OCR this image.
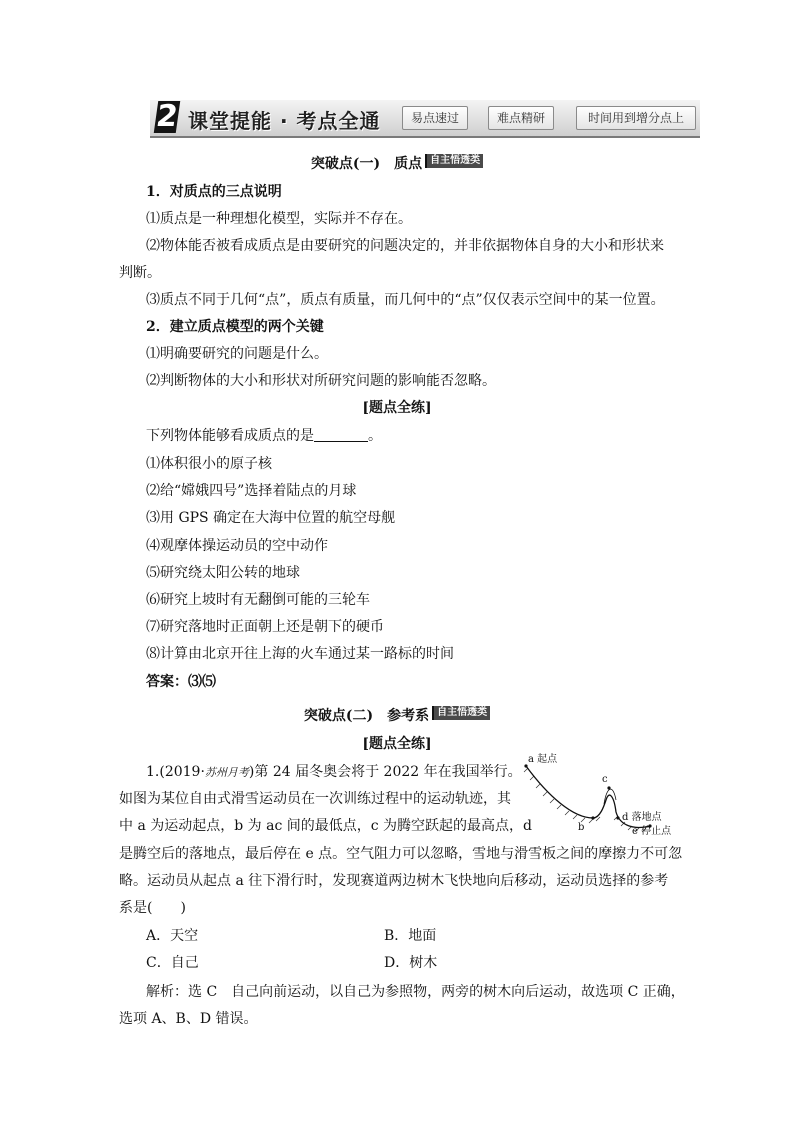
2 课堂提能 · 考点全通	易点速过	难点精研	时间用到增分点上
突破点(一)　质点 自主悟透类
1．对质点的三点说明
⑴质点是一种理想化模型，实际并不存在。
⑵物体能否被看成质点是由要研究的问题决定的，并非依据物体自身的大小和形状来
判断。
⑶质点不同于几何“点”，质点有质量，而几何中的“点”仅仅表示空间中的某一位置。
2．建立质点模型的两个关键
⑴明确要研究的问题是什么。
⑵判断物体的大小和形状对所研究问题的影响能否忽略。
[题点全练]
下列物体能够看成质点的是	。
⑴体积很小的原子核
⑵给“嫦娥四号”选择着陆点的月球
⑶用 GPS 确定在大海中位置的航空母舰
⑷观摩体操运动员的空中动作
⑸研究绕太阳公转的地球
⑹研究上坡时有无翻倒可能的三轮车
⑺研究落地时正面朝上还是朝下的硬币
⑻计算由北京开往上海的火车通过某一路标的时间
答案：⑶⑸
突破点(二)　参考系 自主悟透类
[题点全练]
1.(2019·苏州月考)第 24 届冬奥会将于 2022 年在我国举行。
如图为某位自由式滑雪运动员在一次训练过程中的运动轨迹，其
中 a 为运动起点，b 为 ac 间的最低点，c 为腾空跃起的最高点，d
是腾空后的落地点，最后停在 e 点。空气阻力可以忽略，雪地与滑雪板之间的摩擦力不可忽
略。运动员从起点 a 往下滑行时，发现赛道两边树木飞快地向后移动，运动员选择的参考
系是(　　)
A．天空	B．地面
C．自己	D．树木
解析：选 C　自己向前运动，以自己为参照物，两旁的树木向后运动，故选项 C 正确，
选项 A、B、D 错误。
a 起点
b
c
d 落地点
e 停止点
